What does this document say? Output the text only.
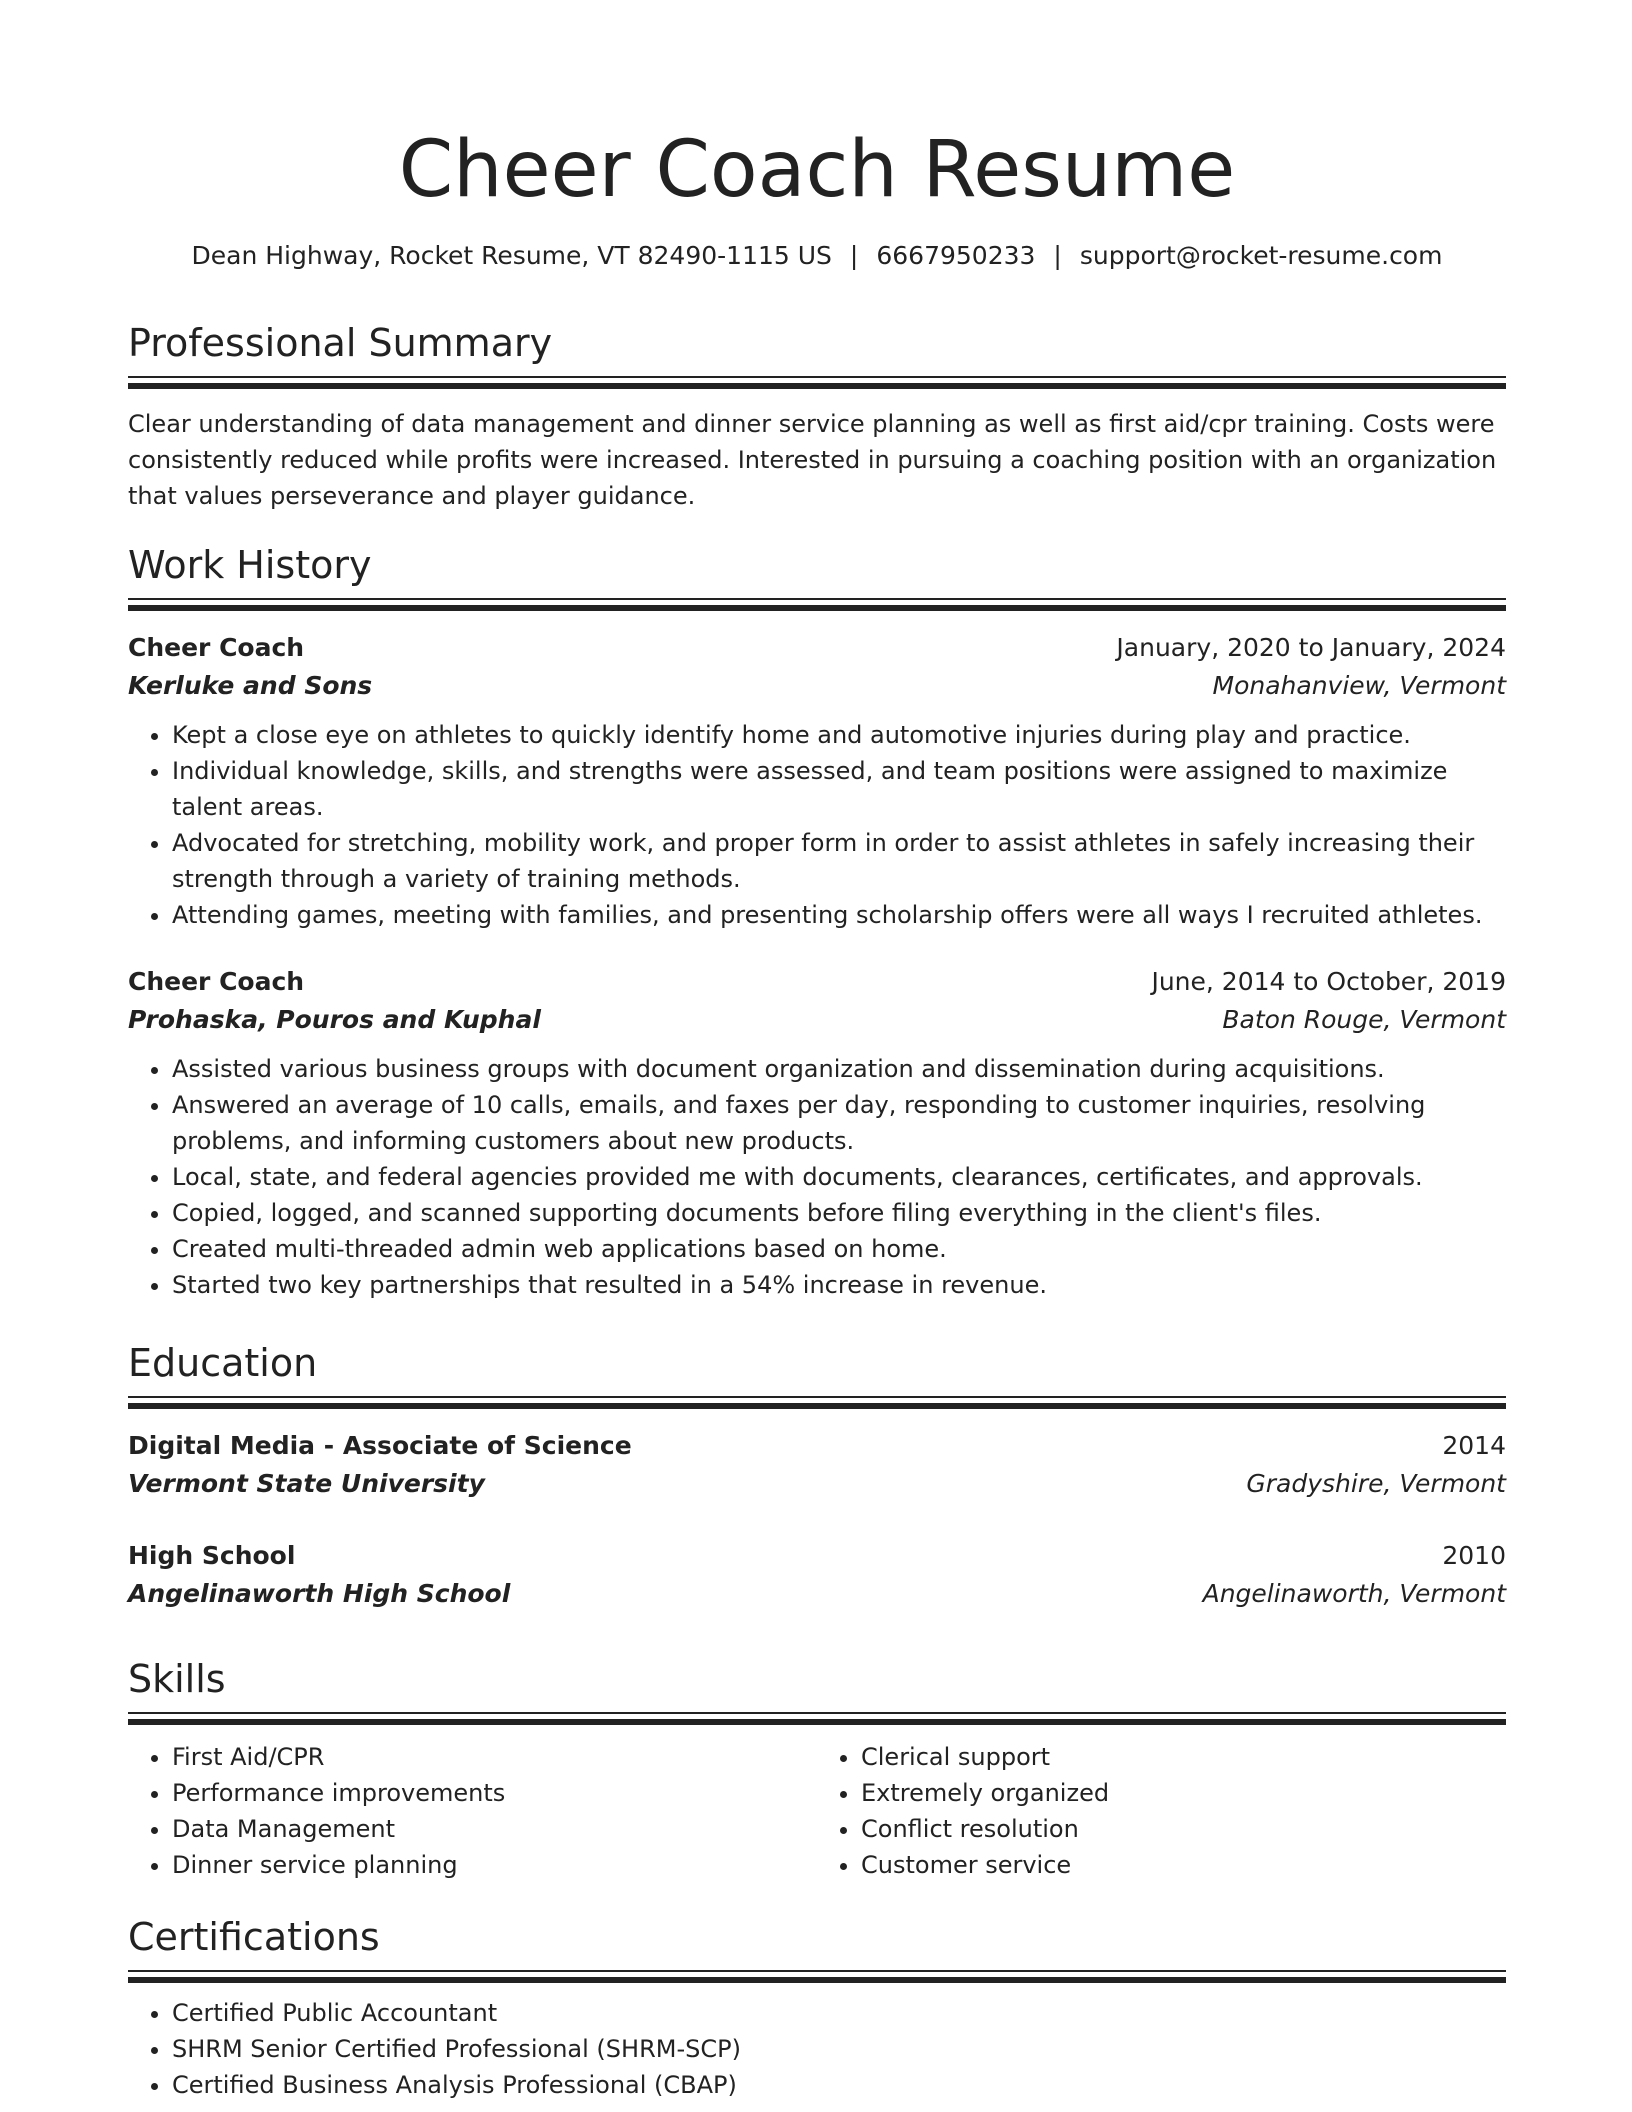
Cheer Coach Resume
Dean Highway, Rocket Resume, VT 82490-1115 US | 6667950233 | support@rocket-resume.com
Professional Summary
Clear understanding of data management and dinner service planning as well as first aid/cpr training. Costs were consistently reduced while profits were increased. Interested in pursuing a coaching position with an organization that values perseverance and player guidance.
Work History
Cheer Coach	January, 2020 to January, 2024
Kerluke and Sons	Monahanview, Vermont
• Kept a close eye on athletes to quickly identify home and automotive injuries during play and practice.
• Individual knowledge, skills, and strengths were assessed, and team positions were assigned to maximize talent areas.
• Advocated for stretching, mobility work, and proper form in order to assist athletes in safely increasing their strength through a variety of training methods.
• Attending games, meeting with families, and presenting scholarship offers were all ways I recruited athletes.
Cheer Coach	June, 2014 to October, 2019
Prohaska, Pouros and Kuphal	Baton Rouge, Vermont
• Assisted various business groups with document organization and dissemination during acquisitions.
• Answered an average of 10 calls, emails, and faxes per day, responding to customer inquiries, resolving problems, and informing customers about new products.
• Local, state, and federal agencies provided me with documents, clearances, certificates, and approvals.
• Copied, logged, and scanned supporting documents before filing everything in the client's files.
• Created multi-threaded admin web applications based on home.
• Started two key partnerships that resulted in a 54% increase in revenue.
Education
Digital Media - Associate of Science	2014
Vermont State University	Gradyshire, Vermont
High School	2010
Angelinaworth High School	Angelinaworth, Vermont
Skills
• First Aid/CPR
• Performance improvements
• Data Management
• Dinner service planning
• Clerical support
• Extremely organized
• Conflict resolution
• Customer service
Certifications
• Certified Public Accountant
• SHRM Senior Certified Professional (SHRM-SCP)
• Certified Business Analysis Professional (CBAP)
